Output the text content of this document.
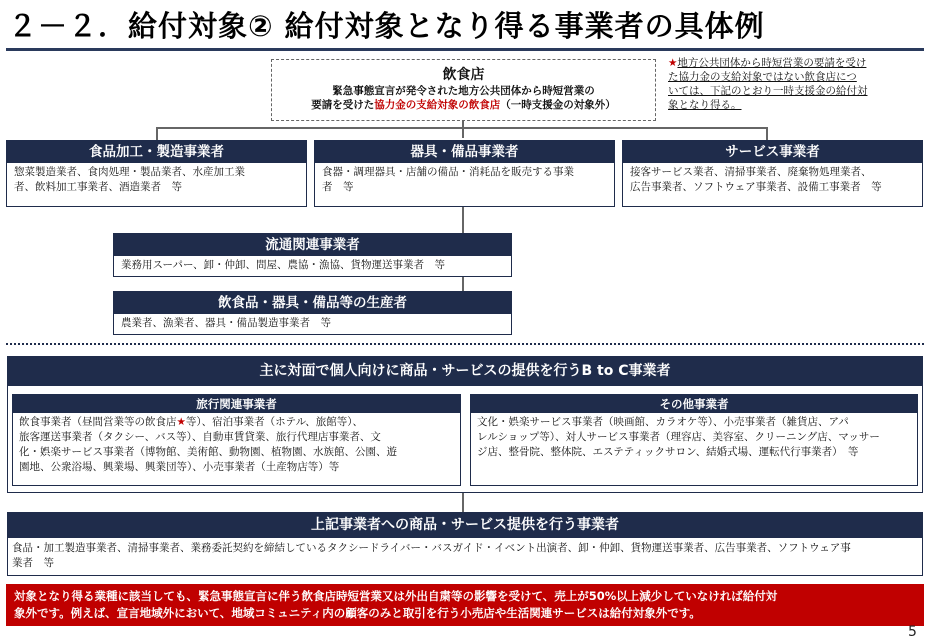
２－２．給付対象② 給付対象となり得る事業者の具体例
飲食店
緊急事態宣言が発令された地方公共団体から時短営業の
要請を受けた協力金の支給対象の飲食店（一時支援金の対象外）
★地方公共団体から時短営業の要請を受け
た協力金の支給対象ではない飲食店につ
いては、下記のとおり一時支援金の給付対
象となり得る。
食品加工・製造事業者
惣菜製造業者、食肉処理・製品業者、水産加工業
者、飲料加工事業者、酒造業者　等
器具・備品事業者
食器・調理器具・店舗の備品・消耗品を販売する事業
者　等
サービス事業者
接客サービス業者、清掃事業者、廃棄物処理業者、
広告事業者、ソフトウェア事業者、設備工事業者　等
流通関連事業者
業務用スーパー、卸・仲卸、問屋、農協・漁協、貨物運送事業者　等
飲食品・器具・備品等の生産者
農業者、漁業者、器具・備品製造事業者　等
主に対面で個人向けに商品・サービスの提供を行うB to C事業者
旅行関連事業者
飲食事業者（昼間営業等の飲食店★等）、宿泊事業者（ホテル、旅館等）、
旅客運送事業者（タクシー、バス等）、自動車賃貸業、旅行代理店事業者、文
化・娯楽サービス事業者（博物館、美術館、動物園、植物園、水族館、公園、遊
園地、公衆浴場、興業場、興業団等）、小売事業者（土産物店等）等
その他事業者
文化・娯楽サービス事業者（映画館、カラオケ等）、小売事業者（雑貨店、アパ
レルショップ等）、対人サービス事業者（理容店、美容室、クリーニング店、マッサー
ジ店、整骨院、整体院、エステティックサロン、結婚式場、運転代行事業者）　等
上記事業者への商品・サービス提供を行う事業者
食品・加工製造事業者、清掃事業者、業務委託契約を締結しているタクシードライバー・バスガイド・イベント出演者、卸・仲卸、貨物運送事業者、広告事業者、ソフトウェア事
業者　等
対象となり得る業種に該当しても、緊急事態宣言に伴う飲食店時短営業又は外出自粛等の影響を受けて、売上が50%以上減少していなければ給付対
象外です。例えば、宣言地域外において、地域コミュニティ内の顧客のみと取引を行う小売店や生活関連サービスは給付対象外です。
5
